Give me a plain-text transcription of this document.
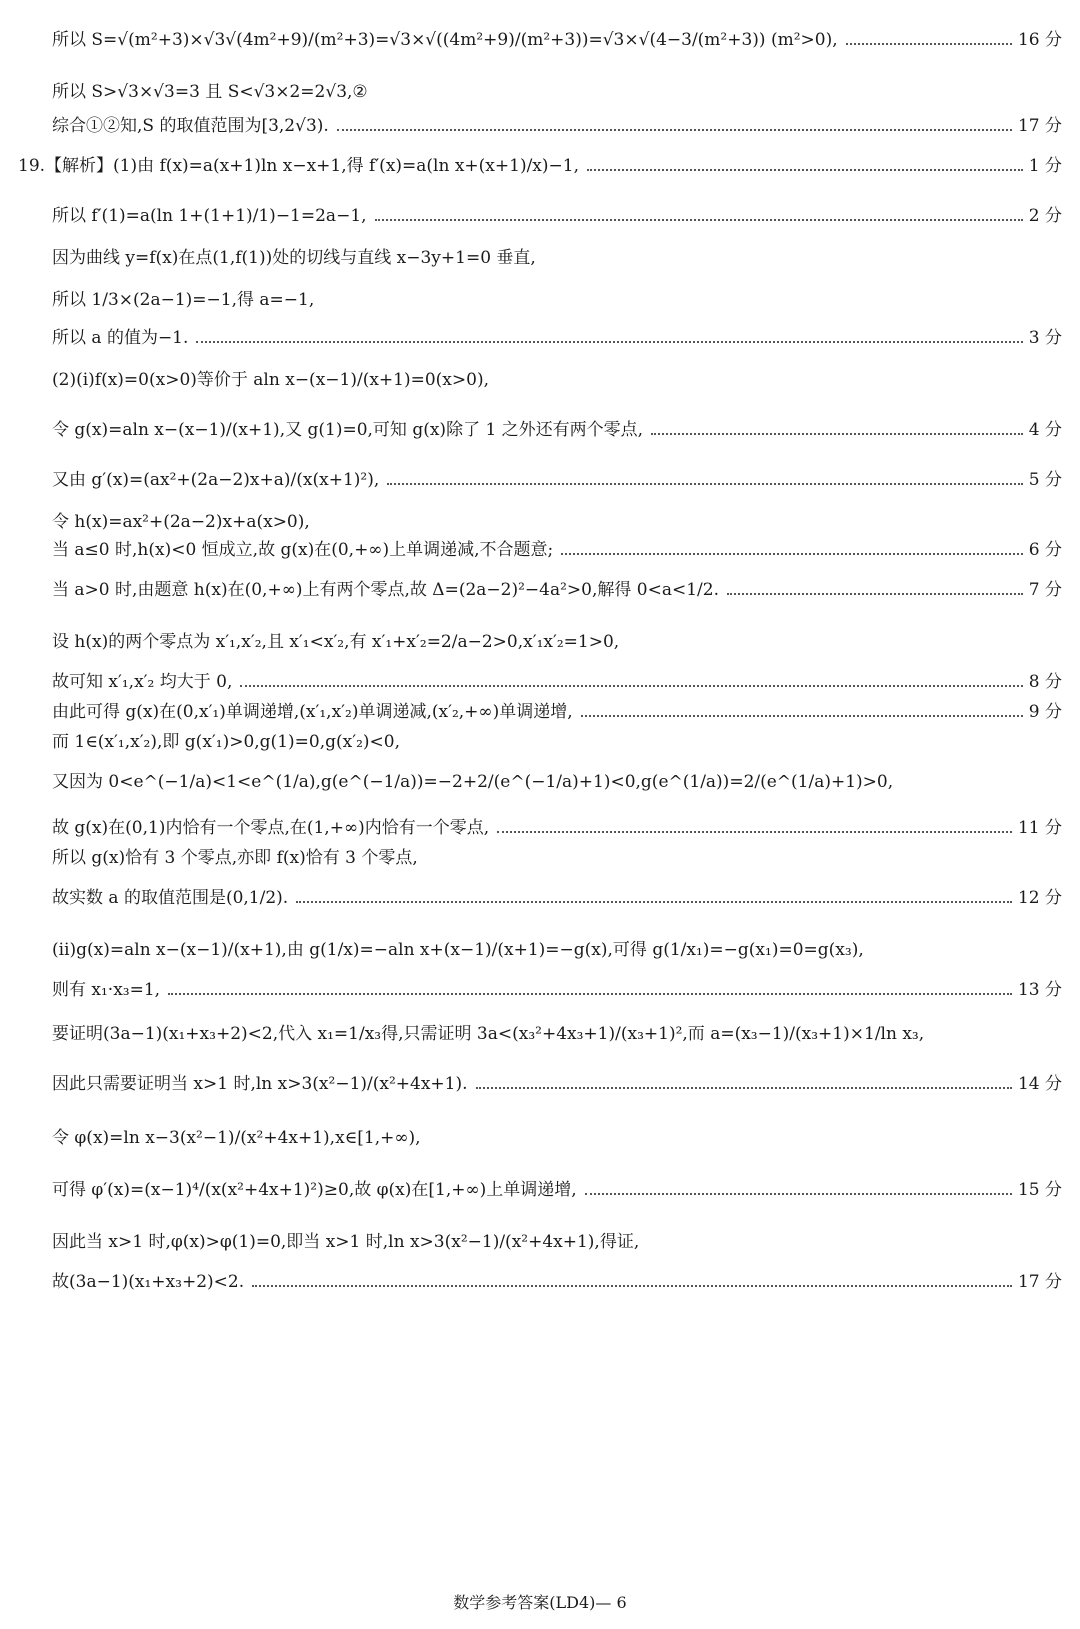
所以 S=√(m²+3)×√3√(4m²+9)/(m²+3)=√3×√((4m²+9)/(m²+3))=√3×√(4−3/(m²+3)) (m²>0),	16 分
所以 S>√3×√3=3 且 S<√3×2=2√3,②
综合①②知,S 的取值范围为[3,2√3).	17 分
19.【解析】(1)由 f(x)=a(x+1)ln x−x+1,得 f′(x)=a(ln x+(x+1)/x)−1,	1 分
所以 f′(1)=a(ln 1+(1+1)/1)−1=2a−1,	2 分
因为曲线 y=f(x)在点(1,f(1))处的切线与直线 x−3y+1=0 垂直,
所以 1/3×(2a−1)=−1,得 a=−1,
所以 a 的值为−1.	3 分
(2)(ⅰ)f(x)=0(x>0)等价于 aln x−(x−1)/(x+1)=0(x>0),
令 g(x)=aln x−(x−1)/(x+1),又 g(1)=0,可知 g(x)除了 1 之外还有两个零点,	4 分
又由 g′(x)=(ax²+(2a−2)x+a)/(x(x+1)²),	5 分
令 h(x)=ax²+(2a−2)x+a(x>0),
当 a≤0 时,h(x)<0 恒成立,故 g(x)在(0,+∞)上单调递减,不合题意;	6 分
当 a>0 时,由题意 h(x)在(0,+∞)上有两个零点,故 Δ=(2a−2)²−4a²>0,解得 0<a<1/2.	7 分
设 h(x)的两个零点为 x′₁,x′₂,且 x′₁<x′₂,有 x′₁+x′₂=2/a−2>0,x′₁x′₂=1>0,
故可知 x′₁,x′₂ 均大于 0,	8 分
由此可得 g(x)在(0,x′₁)单调递增,(x′₁,x′₂)单调递减,(x′₂,+∞)单调递增,	9 分
而 1∈(x′₁,x′₂),即 g(x′₁)>0,g(1)=0,g(x′₂)<0,
又因为 0<e^(−1/a)<1<e^(1/a),g(e^(−1/a))=−2+2/(e^(−1/a)+1)<0,g(e^(1/a))=2/(e^(1/a)+1)>0,
故 g(x)在(0,1)内恰有一个零点,在(1,+∞)内恰有一个零点,	11 分
所以 g(x)恰有 3 个零点,亦即 f(x)恰有 3 个零点,
故实数 a 的取值范围是(0,1/2).	12 分
(ⅱ)g(x)=aln x−(x−1)/(x+1),由 g(1/x)=−aln x+(x−1)/(x+1)=−g(x),可得 g(1/x₁)=−g(x₁)=0=g(x₃),
则有 x₁·x₃=1,	13 分
要证明(3a−1)(x₁+x₃+2)<2,代入 x₁=1/x₃得,只需证明 3a<(x₃²+4x₃+1)/(x₃+1)²,而 a=(x₃−1)/(x₃+1)×1/ln x₃,
因此只需要证明当 x>1 时,ln x>3(x²−1)/(x²+4x+1).	14 分
令 φ(x)=ln x−3(x²−1)/(x²+4x+1),x∈[1,+∞),
可得 φ′(x)=(x−1)⁴/(x(x²+4x+1)²)≥0,故 φ(x)在[1,+∞)上单调递增,	15 分
因此当 x>1 时,φ(x)>φ(1)=0,即当 x>1 时,ln x>3(x²−1)/(x²+4x+1),得证,
故(3a−1)(x₁+x₃+2)<2.	17 分
数学参考答案(LD4)— 6
